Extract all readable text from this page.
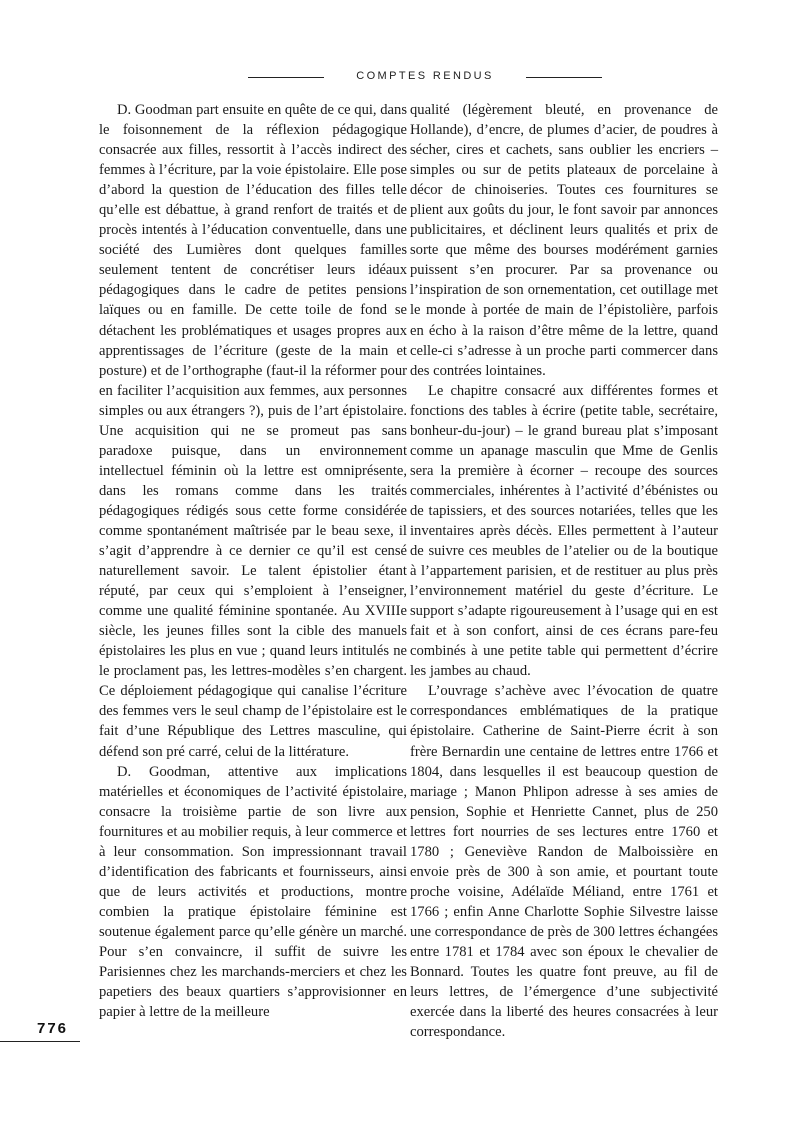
COMPTES RENDUS

D. Goodman part ensuite en quête de ce qui, dans le foisonnement de la réflexion pédagogique consacrée aux filles, ressortit à l’accès indirect des femmes à l’écriture, par la voie épistolaire. Elle pose d’abord la question de l’éducation des filles telle qu’elle est débattue, à grand renfort de traités et de procès intentés à l’éducation conventuelle, dans une société des Lumières dont quelques familles seulement tentent de concrétiser leurs idéaux pédagogiques dans le cadre de petites pensions laïques ou en famille. De cette toile de fond se détachent les problématiques et usages propres aux apprentissages de l’écriture (geste de la main et posture) et de l’orthographe (faut-il la réformer pour en faciliter l’acquisition aux femmes, aux personnes simples ou aux étrangers ?), puis de l’art épistolaire. Une acquisition qui ne se promeut pas sans paradoxe puisque, dans un environnement intellectuel féminin où la lettre est omniprésente, dans les romans comme dans les traités pédagogiques rédigés sous cette forme considérée comme spontanément maîtrisée par le beau sexe, il s’agit d’apprendre à ce dernier ce qu’il est censé naturellement savoir. Le talent épistolier étant réputé, par ceux qui s’emploient à l’enseigner, comme une qualité féminine spontanée. Au XVIIIe siècle, les jeunes filles sont la cible des manuels épistolaires les plus en vue ; quand leurs intitulés ne le proclament pas, les lettres-modèles s’en chargent. Ce déploiement pédagogique qui canalise l’écriture des femmes vers le seul champ de l’épistolaire est le fait d’une République des Lettres masculine, qui défend son pré carré, celui de la littérature.

D. Goodman, attentive aux implications matérielles et économiques de l’activité épistolaire, consacre la troisième partie de son livre aux fournitures et au mobilier requis, à leur commerce et à leur consommation. Son impressionnant travail d’identification des fabricants et fournisseurs, ainsi que de leurs activités et productions, montre combien la pratique épistolaire féminine est soutenue également parce qu’elle génère un marché. Pour s’en convaincre, il suffit de suivre les Parisiennes chez les marchands-merciers et chez les papetiers des beaux quartiers s’approvisionner en papier à lettre de la meilleure

qualité (légèrement bleuté, en provenance de Hollande), d’encre, de plumes d’acier, de poudres à sécher, cires et cachets, sans oublier les encriers – simples ou sur de petits plateaux de porcelaine à décor de chinoiseries. Toutes ces fournitures se plient aux goûts du jour, le font savoir par annonces publicitaires, et déclinent leurs qualités et prix de sorte que même des bourses modérément garnies puissent s’en procurer. Par sa provenance ou l’inspiration de son ornementation, cet outillage met le monde à portée de main de l’épistolière, parfois en écho à la raison d’être même de la lettre, quand celle-ci s’adresse à un proche parti commercer dans des contrées lointaines.

Le chapitre consacré aux différentes formes et fonctions des tables à écrire (petite table, secrétaire, bonheur-du-jour) – le grand bureau plat s’imposant comme un apanage masculin que Mme de Genlis sera la première à écorner – recoupe des sources commerciales, inhérentes à l’activité d’ébénistes ou de tapissiers, et des sources notariées, telles que les inventaires après décès. Elles permettent à l’auteur de suivre ces meubles de l’atelier ou de la boutique à l’appartement parisien, et de restituer au plus près l’environnement matériel du geste d’écriture. Le support s’adapte rigoureusement à l’usage qui en est fait et à son confort, ainsi de ces écrans pare-feu combinés à une petite table qui permettent d’écrire les jambes au chaud.

L’ouvrage s’achève avec l’évocation de quatre correspondances emblématiques de la pratique épistolaire. Catherine de Saint-Pierre écrit à son frère Bernardin une centaine de lettres entre 1766 et 1804, dans lesquelles il est beaucoup question de mariage ; Manon Phlipon adresse à ses amies de pension, Sophie et Henriette Cannet, plus de 250 lettres fort nourries de ses lectures entre 1760 et 1780 ; Geneviève Randon de Malboissière en envoie près de 300 à son amie, et pourtant toute proche voisine, Adélaïde Méliand, entre 1761 et 1766 ; enfin Anne Charlotte Sophie Silvestre laisse une correspondance de près de 300 lettres échangées entre 1781 et 1784 avec son époux le chevalier de Bonnard. Toutes les quatre font preuve, au fil de leurs lettres, de l’émergence d’une subjectivité exercée dans la liberté des heures consacrées à leur correspondance.

776
